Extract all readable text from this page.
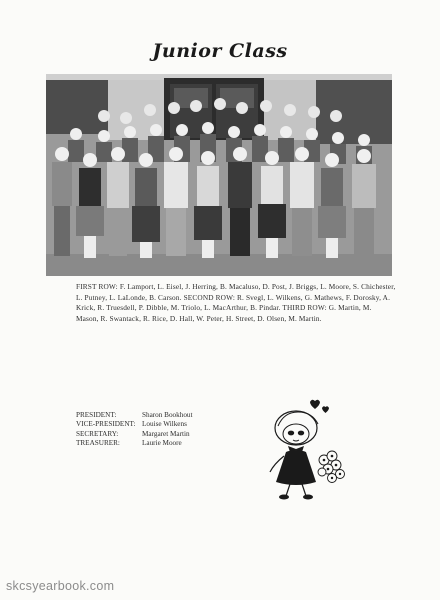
Junior Class
FIRST ROW: F. Lamport, L. Eisel, J. Herring, B. Macaluso, D. Post, J. Briggs, L. Moore, S. Chichester, L. Putney, L. LaLonde, B. Carson. SECOND ROW: R. Svegl, L. Wilkens, G. Mathews, F. Dorosky, A. Krick, R. Truesdell, P. Dibble, M. Triolo, L. MacArthur, B. Pindar. THIRD ROW: G. Martin, M. Mason, R. Swantack, R. Rice, D. Hall, W. Peter, H. Street, D. Olsen, M. Martin.
PRESIDENT:	Sharon Bookhout
VICE-PRESIDENT: Louise Wilkens
SECRETARY:	Margaret Martin
TREASURER:	Laurie Moore
skcsyearbook.com
